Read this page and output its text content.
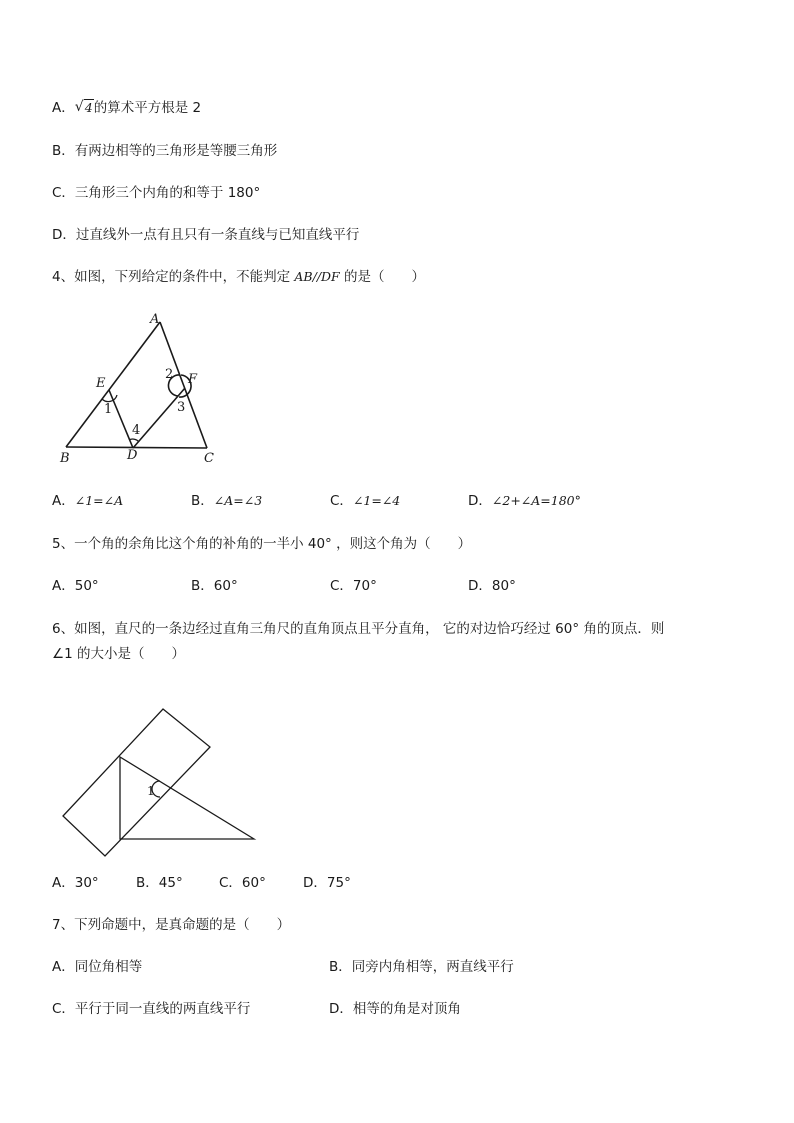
A．√ 4的算术平方根是 2
B．有两边相等的三角形是等腰三角形
C．三角形三个内角的和等于 180°
D．过直线外一点有且只有一条直线与已知直线平行
4、如图，下列给定的条件中，不能判定 AB//DF 的是（　　）
A
E	F
B	D	C
1
2
3
4
A．∠1=∠A	B．∠A=∠3	C．∠1=∠4	D．∠2+∠A=180°
5、一个角的余角比这个角的补角的一半小 40° ，则这个角为（　　）
A．50°	B．60°	C．70°	D．80°
6、如图，直尺的一条边经过直角三角尺的直角顶点且平分直角， 它的对边恰巧经过 60° 角的顶点．则
∠1 的大小是（　　）
1
A．30°	B．45°	C．60°	D．75°
7、下列命题中，是真命题的是（　　）
A．同位角相等	B．同旁内角相等，两直线平行
C．平行于同一直线的两直线平行	D．相等的角是对顶角
